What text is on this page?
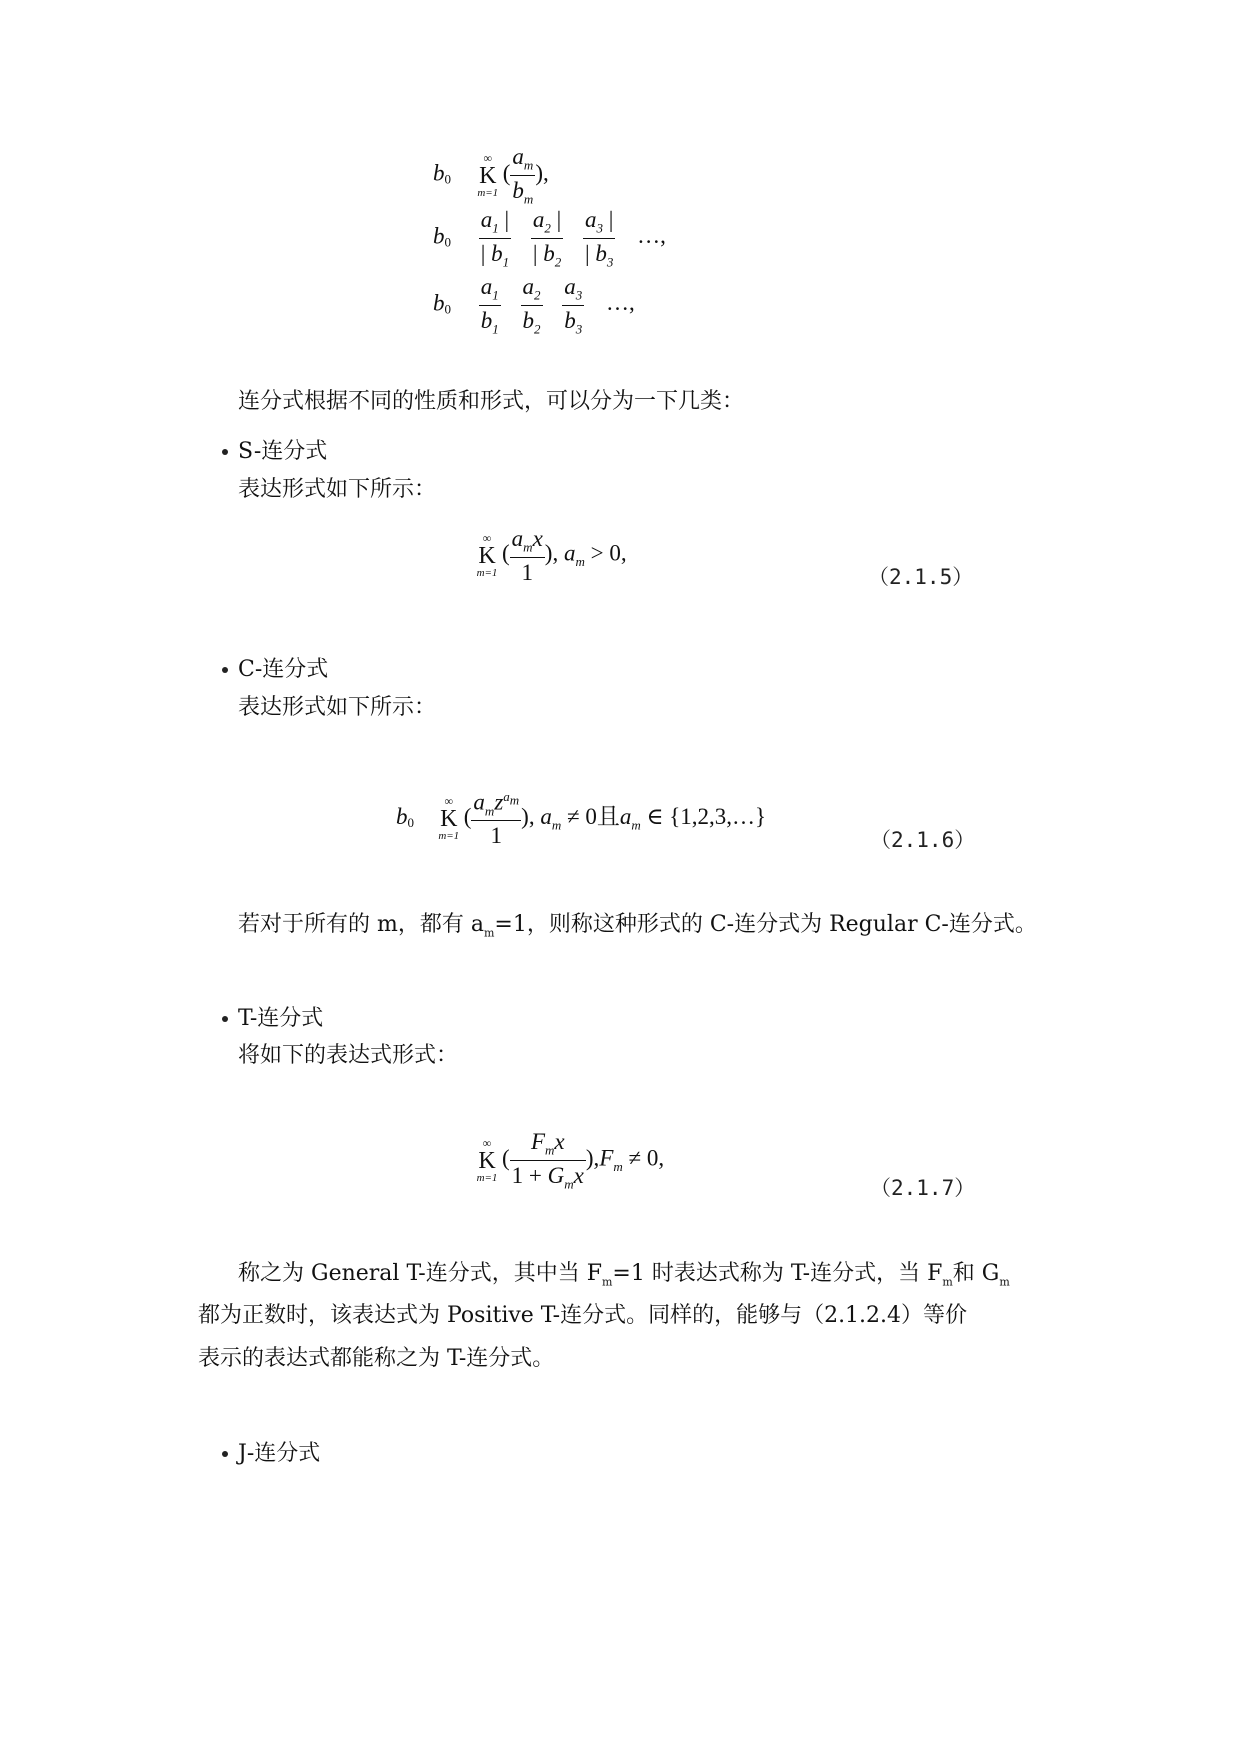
b0
∞
K
m=1
( $\frac{a_m}{b_m}$ ),
$b0 \frac{a_1 |}{| b_1}$
$\frac{a_2 |}{| b_2}$
$\frac{a_3 |}{| b_3}$ …,
$b0 \frac{a_1}{b_1}$
$\frac{a_2}{b_2}$
$\frac{a_3}{b_3}$ …,
连分式根据不同的性质和形式，可以分为一下几类：
S-连分式
表达形式如下所示：
∞
K
m=1
( $\frac{a_mx}{1}$ ), $a_m > 0$,
（2.1.5）
C-连分式
表达形式如下所示：
b0
∞
K
m=1
( $\frac{a_mz^{a_m}}{1}$ ), $a_m \ne 0$且$a_m$ ∈ {1,2,3,…}
（2.1.6）
若对于所有的 m，都有 $a_m=1$，则称这种形式的 C-连分式为 Regular C-连分式。
T-连分式
将如下的表达式形式：
∞
K
m=1
( $\frac{F_mx}{1 + G_mx} ),F_m \ne 0$,
（2.1.7）
称之为 General T-连分式，其中当 $F_m=1$ 时表达式称为 T-连分式，当 $F_m$和 $G_m$
都为正数时，该表达式为 Positive T-连分式。同样的，能够与（2.1.2.4）等价
表示的表达式都能称之为 T-连分式。
J-连分式
